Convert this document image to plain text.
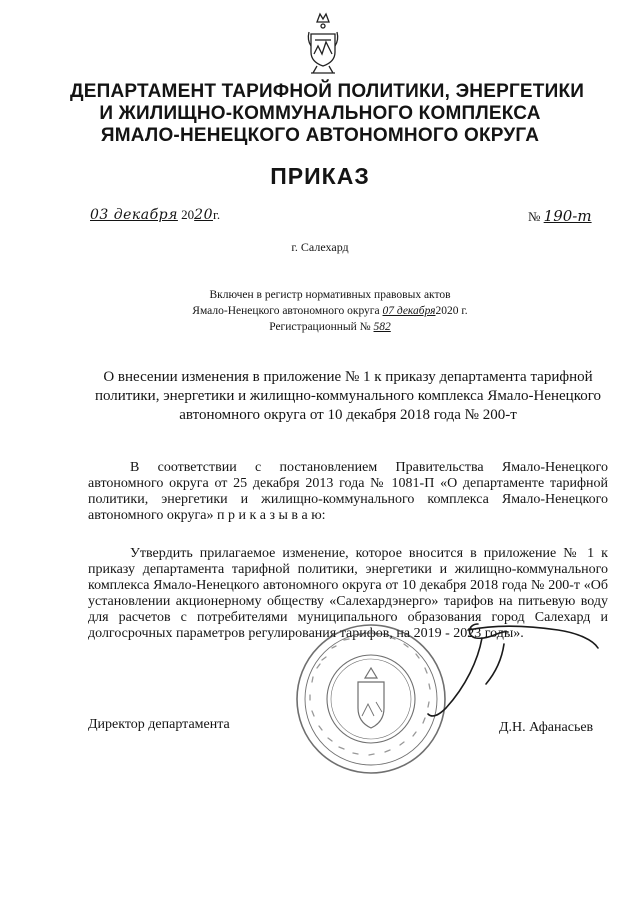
ДЕПАРТАМЕНТ ТАРИФНОЙ ПОЛИТИКИ, ЭНЕРГЕТИКИ
И ЖИЛИЩНО-КОММУНАЛЬНОГО КОМПЛЕКСА
ЯМАЛО-НЕНЕЦКОГО АВТОНОМНОГО ОКРУГА
ПРИКАЗ
03 декабря 2020г.	№ 190-т
г. Салехард
Включен в регистр нормативных правовых актов
Ямало-Ненецкого автономного округа 07 декабря2020 г.
Регистрационный № 582
О внесении изменения в приложение № 1 к приказу департамента тарифной политики, энергетики и жилищно-коммунального комплекса Ямало-Ненецкого автономного округа от 10 декабря 2018 года № 200-т

В соответствии с постановлением Правительства Ямало-Ненецкого автономного округа от 25 декабря 2013 года № 1081-П «О департаменте тарифной политики, энергетики и жилищно-коммунального комплекса Ямало-Ненецкого автономного округа» п р и к а з ы в а ю:

Утвердить прилагаемое изменение, которое вносится в приложение № 1 к приказу департамента тарифной политики, энергетики и жилищно-коммунального комплекса Ямало-Ненецкого автономного округа от 10 декабря 2018 года № 200-т «Об установлении акционерному обществу «Салехардэнерго» тарифов на питьевую воду для расчетов с потребителями муниципального образования город Салехард и долгосрочных параметров регулирования тарифов, на 2019 - 2023 годы».

Директор департамента	Д.Н. Афанасьев
